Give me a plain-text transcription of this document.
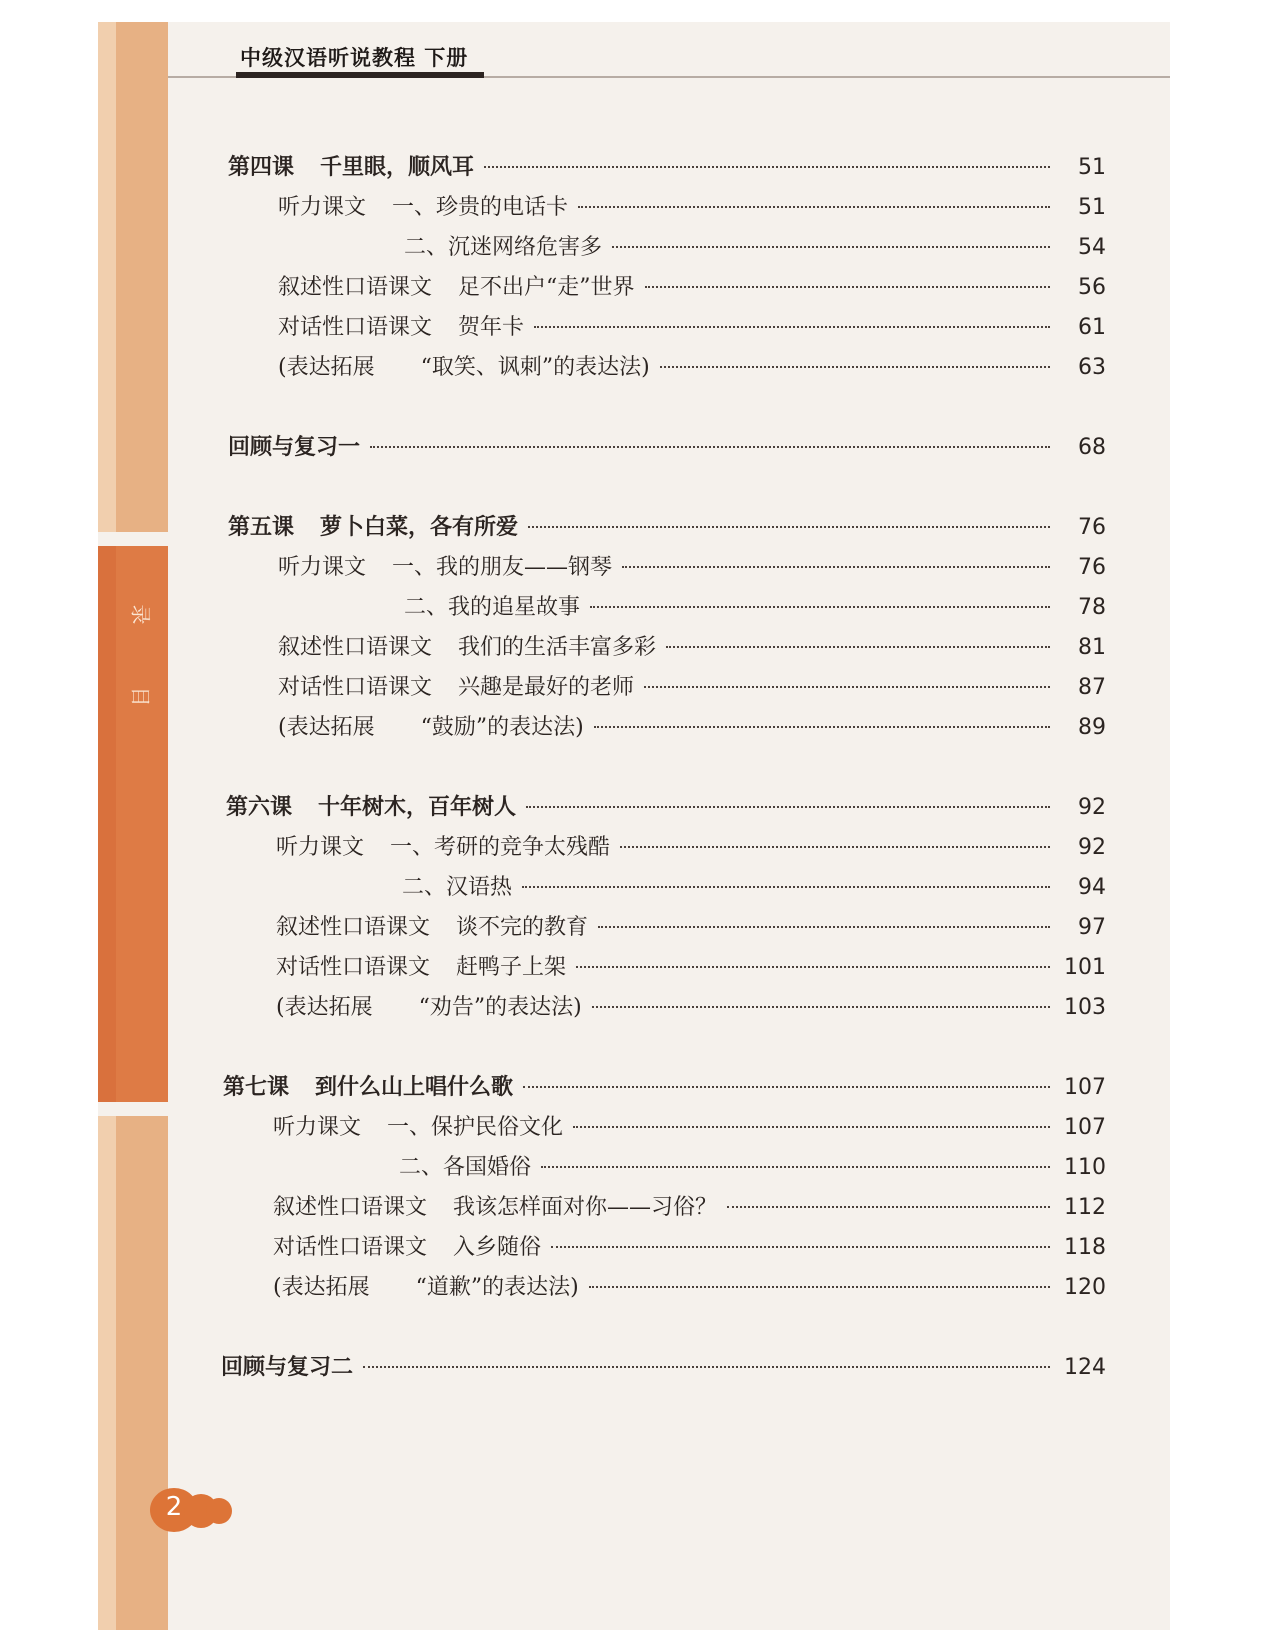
录
目
中级汉语听说教程 下册
第四课 千里眼，顺风耳	51
听力课文 一、珍贵的电话卡	51
二、沉迷网络危害多	54
叙述性口语课文 足不出户“走”世界	56
对话性口语课文 贺年卡	61
(表达拓展 “取笑、讽刺”的表达法)	63
回顾与复习一	68
第五课 萝卜白菜，各有所爱	76
听力课文 一、我的朋友——钢琴	76
二、我的追星故事	78
叙述性口语课文 我们的生活丰富多彩	81
对话性口语课文 兴趣是最好的老师	87
(表达拓展 “鼓励”的表达法)	89
第六课 十年树木，百年树人	92
听力课文 一、考研的竞争太残酷	92
二、汉语热	94
叙述性口语课文 谈不完的教育	97
对话性口语课文 赶鸭子上架	101
(表达拓展 “劝告”的表达法)	103
第七课 到什么山上唱什么歌	107
听力课文 一、保护民俗文化	107
二、各国婚俗	110
叙述性口语课文 我该怎样面对你——习俗？	112
对话性口语课文 入乡随俗	118
(表达拓展 “道歉”的表达法)	120
回顾与复习二	124
2
